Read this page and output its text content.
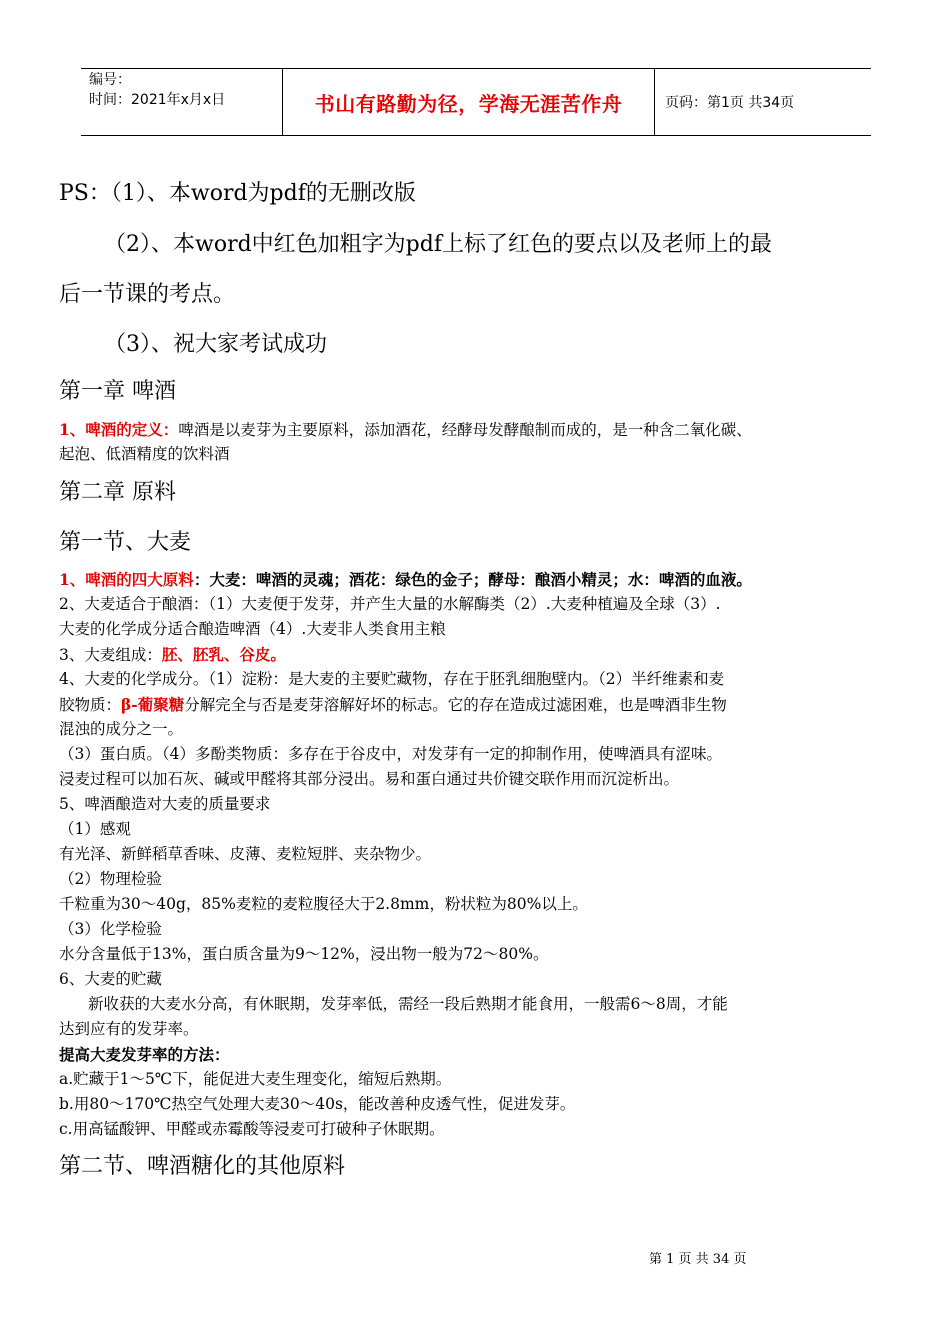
编号：
时间：2021年x月x日	书山有路勤为径，学海无涯苦作舟	页码：第1页 共34页
PS：（1）、本word为pdf的无删改版
（2）、本word中红色加粗字为pdf上标了红色的要点以及老师上的最
后一节课的考点。
（3）、祝大家考试成功
第一章 啤酒
1、啤酒的定义：啤酒是以麦芽为主要原料，添加酒花，经酵母发酵酿制而成的，是一种含二氧化碳、
起泡、低酒精度的饮料酒
第二章 原料
第一节、大麦
1、啤酒的四大原料：大麦：啤酒的灵魂；酒花：绿色的金子；酵母：酿酒小精灵；水：啤酒的血液。
2、大麦适合于酿酒：（1）大麦便于发芽，并产生大量的水解酶类（2）.大麦种植遍及全球（3）.
大麦的化学成分适合酿造啤酒（4）.大麦非人类食用主粮
3、大麦组成：胚、胚乳、谷皮。
4、大麦的化学成分。（1）淀粉：是大麦的主要贮藏物，存在于胚乳细胞壁内。（2）半纤维素和麦
胶物质：β-葡聚糖分解完全与否是麦芽溶解好坏的标志。它的存在造成过滤困难，也是啤酒非生物
混浊的成分之一。
（3）蛋白质。（4）多酚类物质：多存在于谷皮中，对发芽有一定的抑制作用，使啤酒具有涩味。
浸麦过程可以加石灰、碱或甲醛将其部分浸出。易和蛋白通过共价键交联作用而沉淀析出。
5、啤酒酿造对大麦的质量要求
（1）感观
有光泽、新鲜稻草香味、皮薄、麦粒短胖、夹杂物少。
（2）物理检验
千粒重为30～40g，85%麦粒的麦粒腹径大于2.8mm，粉状粒为80%以上。
（3）化学检验
水分含量低于13%，蛋白质含量为9～12%，浸出物一般为72～80%。
6、大麦的贮藏
新收获的大麦水分高，有休眠期，发芽率低，需经一段后熟期才能食用，一般需6～8周，才能
达到应有的发芽率。
提高大麦发芽率的方法：
a.贮藏于1～5℃下，能促进大麦生理变化，缩短后熟期。
b.用80～170℃热空气处理大麦30～40s，能改善种皮透气性，促进发芽。
c.用高锰酸钾、甲醛或赤霉酸等浸麦可打破种子休眠期。
第二节、啤酒糖化的其他原料
第 1 页 共 34 页
